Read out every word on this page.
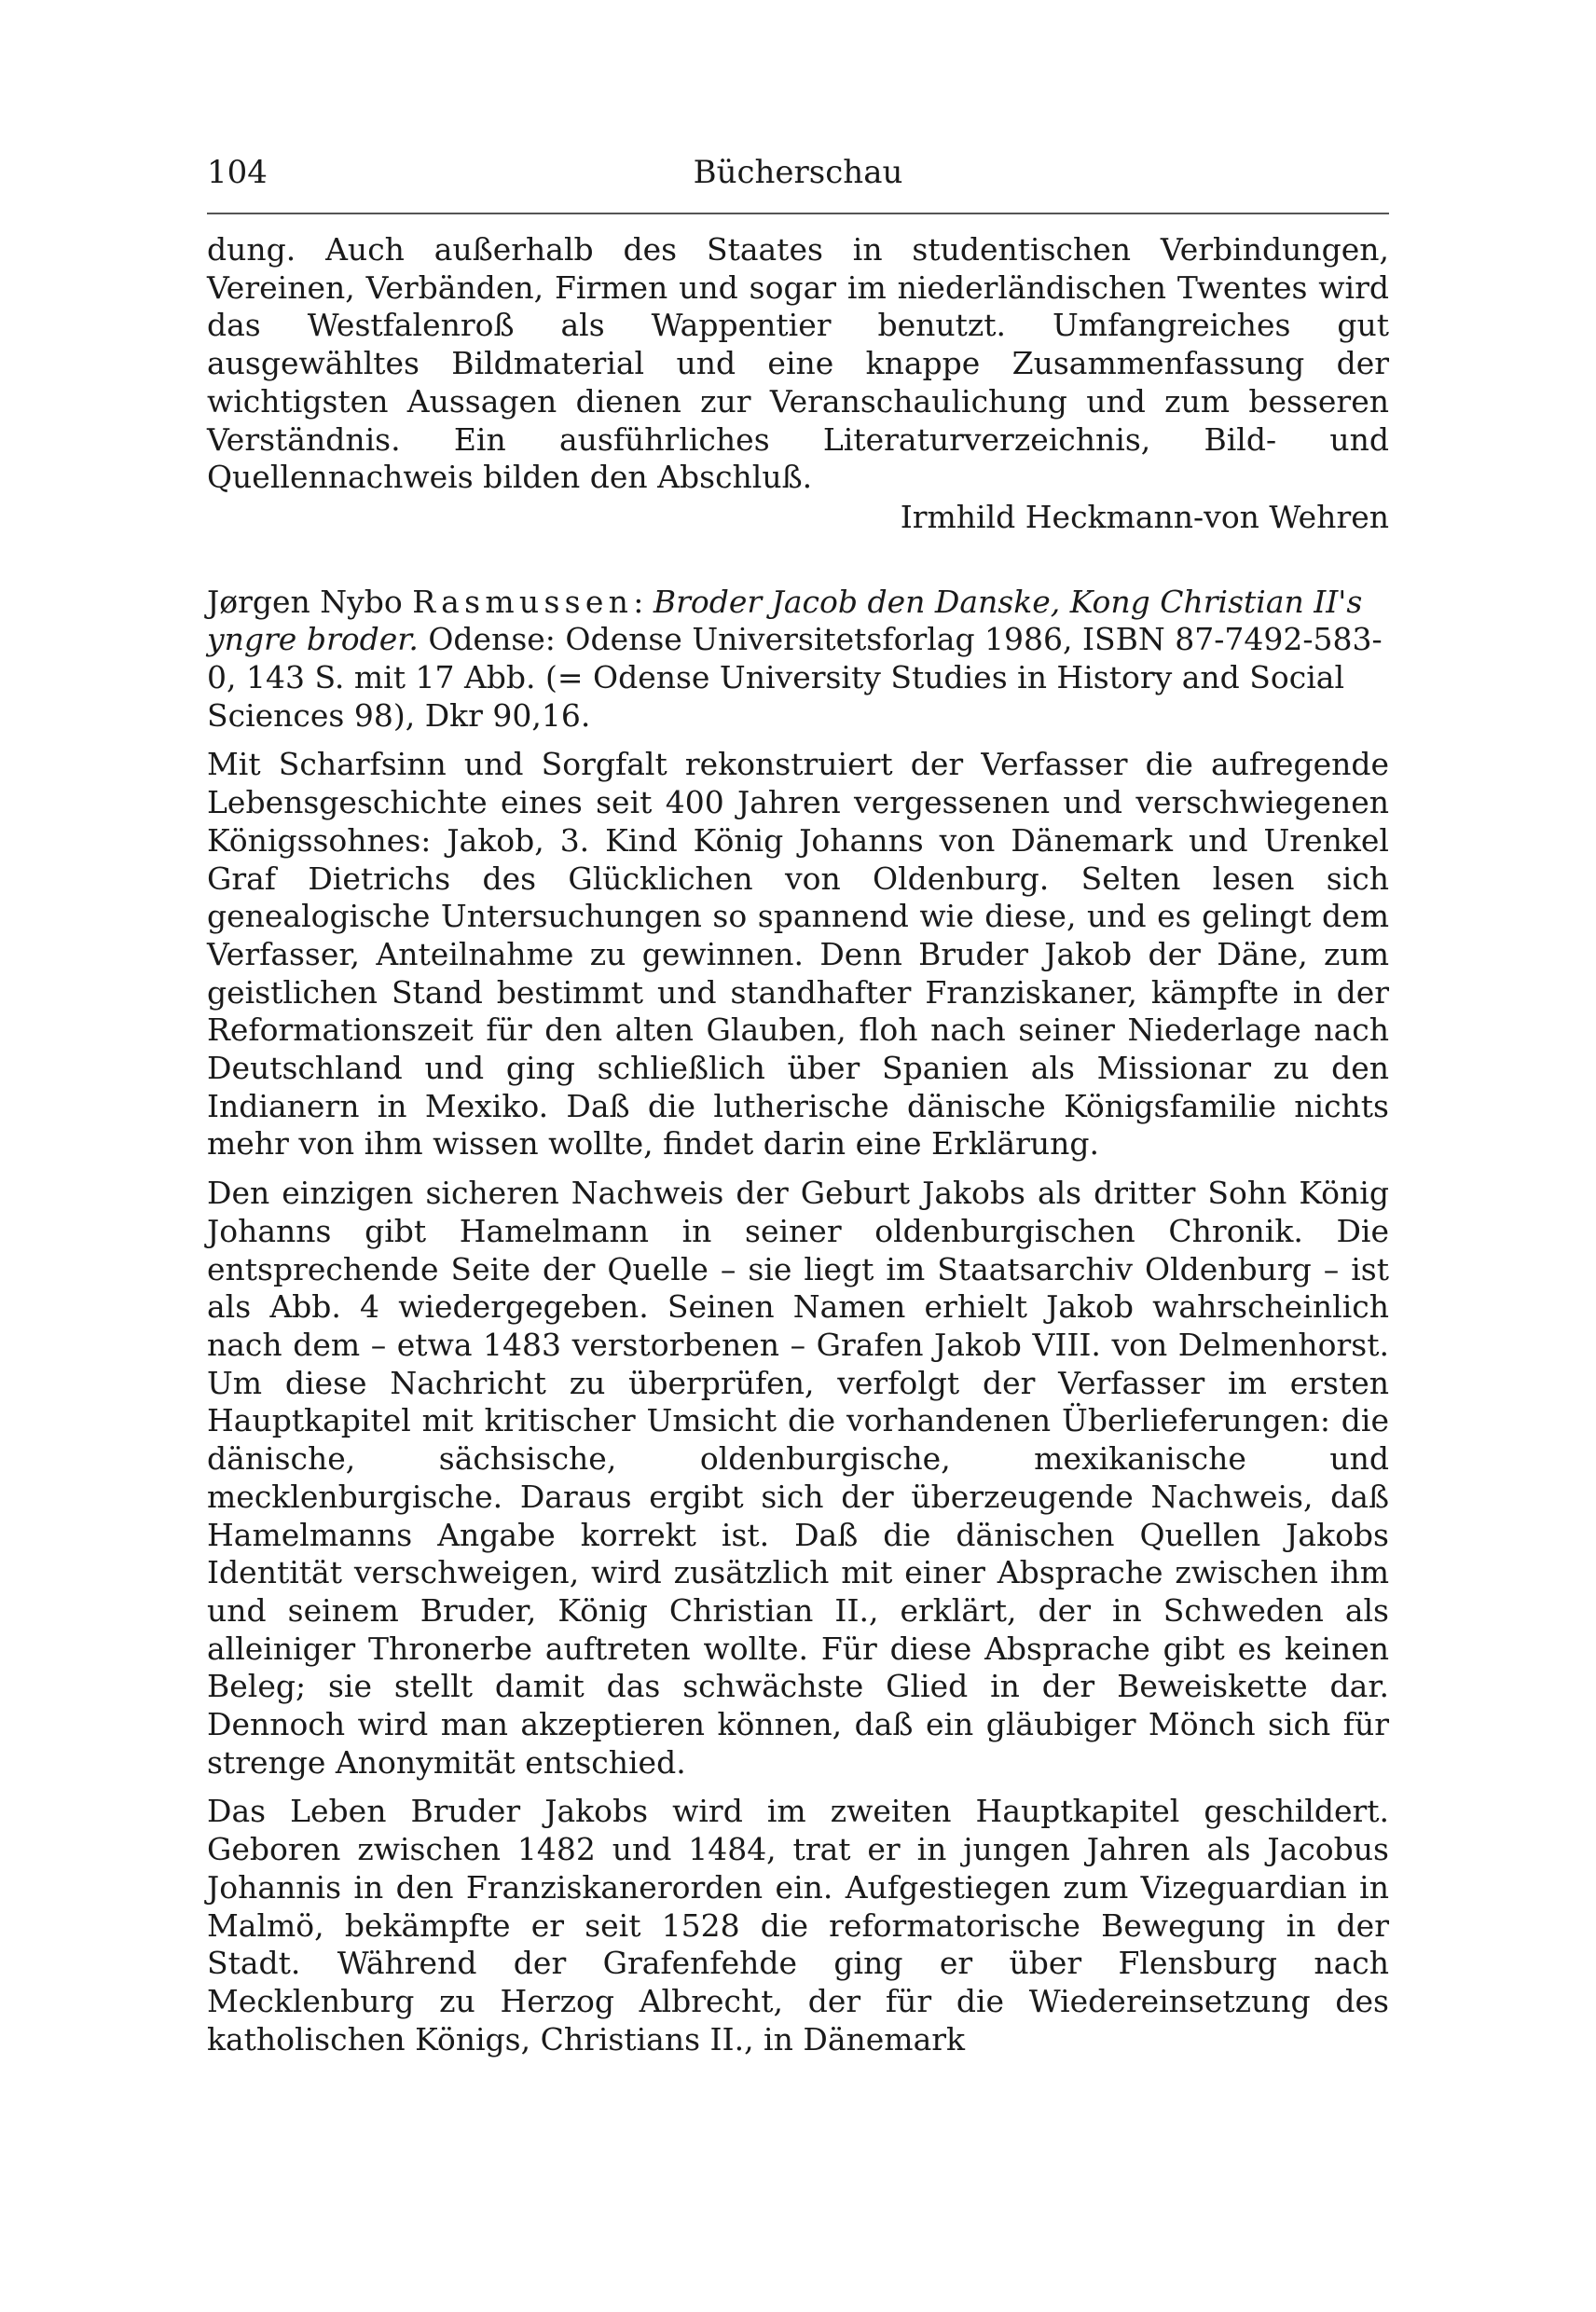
104	Bücherschau

dung. Auch außerhalb des Staates in studentischen Verbindungen, Vereinen, Verbänden, Firmen und sogar im niederländischen Twentes wird das Westfalenroß als Wappentier benutzt. Umfangreiches gut ausgewähltes Bildmaterial und eine knappe Zusammenfassung der wichtigsten Aussagen dienen zur Veranschaulichung und zum besseren Verständnis. Ein ausführliches Literaturverzeichnis, Bild- und Quellennachweis bilden den Abschluß.

Irmhild Heckmann-von Wehren

Jørgen Nybo Rasmussen: Broder Jacob den Danske, Kong Christian II's yngre broder. Odense: Odense Universitetsforlag 1986, ISBN 87-7492-583-0, 143 S. mit 17 Abb. (= Odense University Studies in History and Social Sciences 98), Dkr 90,16.

Mit Scharfsinn und Sorgfalt rekonstruiert der Verfasser die aufregende Lebensgeschichte eines seit 400 Jahren vergessenen und verschwiegenen Königssohnes: Jakob, 3. Kind König Johanns von Dänemark und Urenkel Graf Dietrichs des Glücklichen von Oldenburg. Selten lesen sich genealogische Untersuchungen so spannend wie diese, und es gelingt dem Verfasser, Anteilnahme zu gewinnen. Denn Bruder Jakob der Däne, zum geistlichen Stand bestimmt und standhafter Franziskaner, kämpfte in der Reformationszeit für den alten Glauben, floh nach seiner Niederlage nach Deutschland und ging schließlich über Spanien als Missionar zu den Indianern in Mexiko. Daß die lutherische dänische Königsfamilie nichts mehr von ihm wissen wollte, findet darin eine Erklärung.

Den einzigen sicheren Nachweis der Geburt Jakobs als dritter Sohn König Johanns gibt Hamelmann in seiner oldenburgischen Chronik. Die entsprechende Seite der Quelle – sie liegt im Staatsarchiv Oldenburg – ist als Abb. 4 wiedergegeben. Seinen Namen erhielt Jakob wahrscheinlich nach dem – etwa 1483 verstorbenen – Grafen Jakob VIII. von Delmenhorst. Um diese Nachricht zu überprüfen, verfolgt der Verfasser im ersten Hauptkapitel mit kritischer Umsicht die vorhandenen Überlieferungen: die dänische, sächsische, oldenburgische, mexikanische und mecklenburgische. Daraus ergibt sich der überzeugende Nachweis, daß Hamelmanns Angabe korrekt ist. Daß die dänischen Quellen Jakobs Identität verschweigen, wird zusätzlich mit einer Absprache zwischen ihm und seinem Bruder, König Christian II., erklärt, der in Schweden als alleiniger Thronerbe auftreten wollte. Für diese Absprache gibt es keinen Beleg; sie stellt damit das schwächste Glied in der Beweiskette dar. Dennoch wird man akzeptieren können, daß ein gläubiger Mönch sich für strenge Anonymität entschied.

Das Leben Bruder Jakobs wird im zweiten Hauptkapitel geschildert. Geboren zwischen 1482 und 1484, trat er in jungen Jahren als Jacobus Johannis in den Franziskanerorden ein. Aufgestiegen zum Vizeguardian in Malmö, bekämpfte er seit 1528 die reformatorische Bewegung in der Stadt. Während der Grafenfehde ging er über Flensburg nach Mecklenburg zu Herzog Albrecht, der für die Wiedereinsetzung des katholischen Königs, Christians II., in Dänemark
